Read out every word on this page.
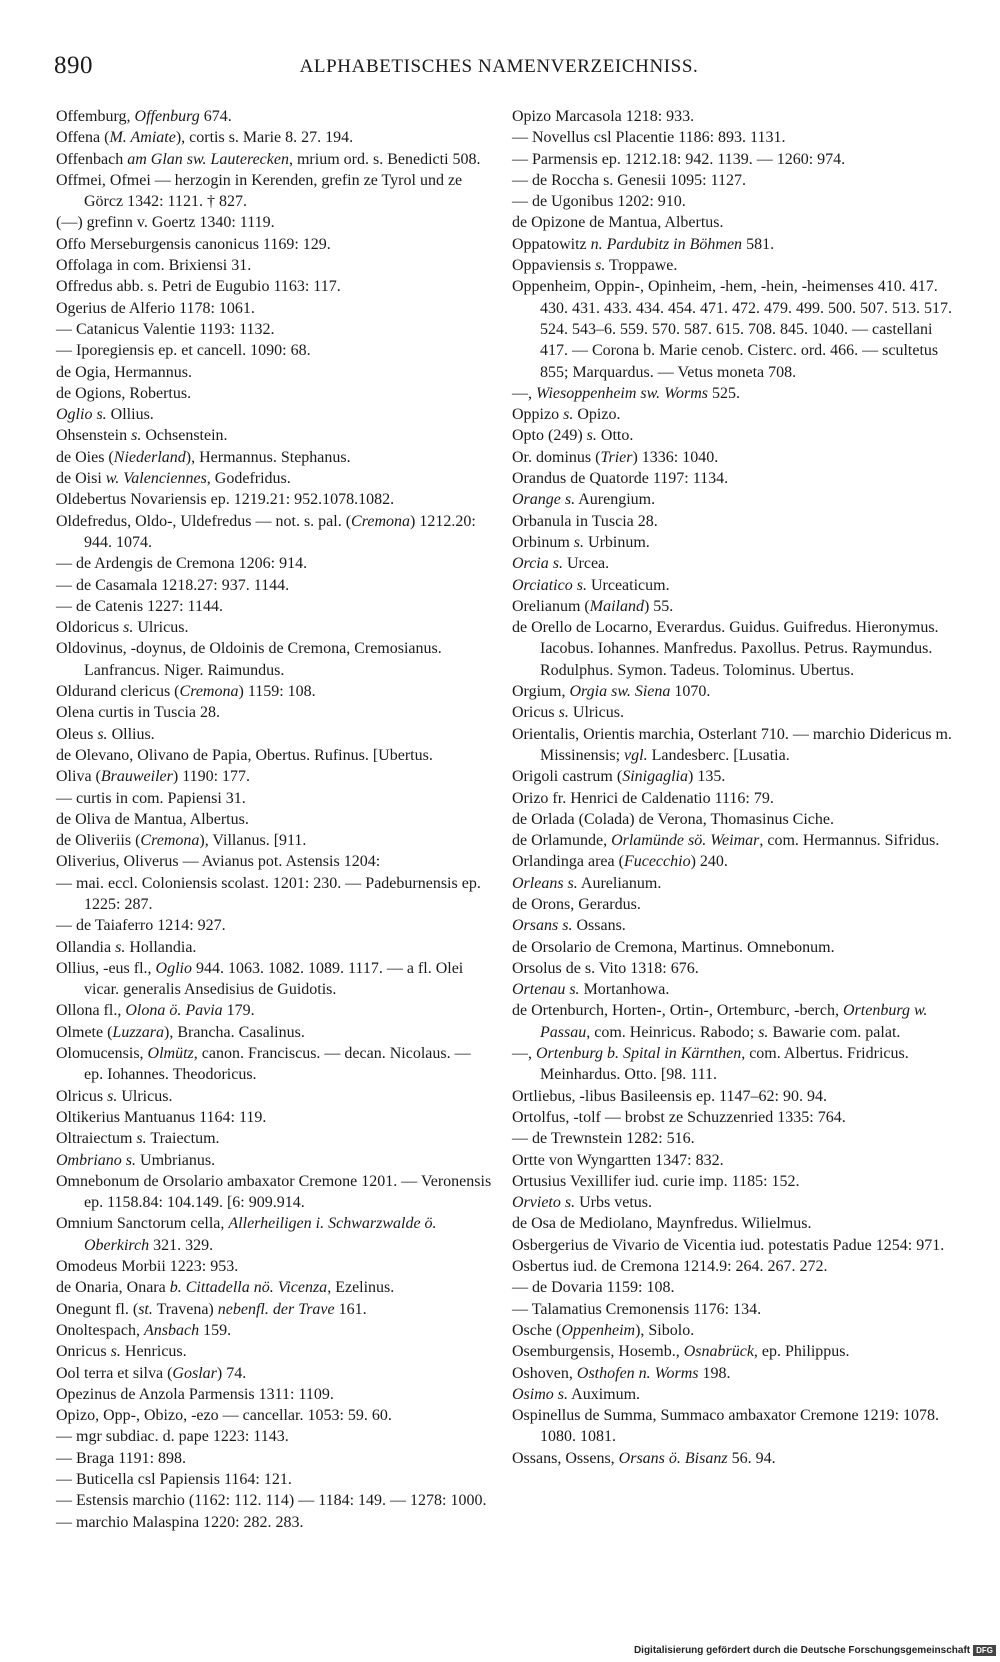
890	ALPHABETISCHES NAMENVERZEICHNISS.

Offemburg, Offenburg 674.

Offena (M. Amiate), cortis s. Marie 8. 27. 194.

Offenbach am Glan sw. Lauterecken, mrium ord. s. Benedicti 508.

Offmei, Ofmei — herzogin in Kerenden, grefin ze Tyrol und ze Görcz 1342: 1121. † 827.

(—) grefinn v. Goertz 1340: 1119.

Offo Merseburgensis canonicus 1169: 129.

Offolaga in com. Brixiensi 31.

Offredus abb. s. Petri de Eugubio 1163: 117.

Ogerius de Alferio 1178: 1061.

— Catanicus Valentie 1193: 1132.

— Iporegiensis ep. et cancell. 1090: 68.

de Ogia, Hermannus.

de Ogions, Robertus.

Oglio s. Ollius.

Ohsenstein s. Ochsenstein.

de Oies (Niederland), Hermannus. Stephanus.

de Oisi w. Valenciennes, Godefridus.

Oldebertus Novariensis ep. 1219.21: 952.1078.1082.

Oldefredus, Oldo-, Uldefredus — not. s. pal. (Cremona) 1212.20: 944. 1074.

— de Ardengis de Cremona 1206: 914.

— de Casamala 1218.27: 937. 1144.

— de Catenis 1227: 1144.

Oldoricus s. Ulricus.

Oldovinus, -doynus, de Oldoinis de Cremona, Cremosianus. Lanfrancus. Niger. Raimundus.

Oldurand clericus (Cremona) 1159: 108.

Olena curtis in Tuscia 28.

Oleus s. Ollius.

de Olevano, Olivano de Papia, Obertus. Rufinus. [Ubertus.

Oliva (Brauweiler) 1190: 177.

— curtis in com. Papiensi 31.

de Oliva de Mantua, Albertus.

de Oliveriis (Cremona), Villanus. [911.

Oliverius, Oliverus — Avianus pot. Astensis 1204:

— mai. eccl. Coloniensis scolast. 1201: 230. — Padeburnensis ep. 1225: 287.

— de Taiaferro 1214: 927.

Ollandia s. Hollandia.

Ollius, -eus fl., Oglio 944. 1063. 1082. 1089. 1117. — a fl. Olei vicar. generalis Ansedisius de Guidotis.

Ollona fl., Olona ö. Pavia 179.

Olmete (Luzzara), Brancha. Casalinus.

Olomucensis, Olmütz, canon. Franciscus. — decan. Nicolaus. — ep. Iohannes. Theodoricus.

Olricus s. Ulricus.

Oltikerius Mantuanus 1164: 119.

Oltraiectum s. Traiectum.

Ombriano s. Umbrianus.

Omnebonum de Orsolario ambaxator Cremone 1201. — Veronensis ep. 1158.84: 104.149. [6: 909.914.

Omnium Sanctorum cella, Allerheiligen i. Schwarzwalde ö. Oberkirch 321. 329.

Omodeus Morbii 1223: 953.

de Onaria, Onara b. Cittadella nö. Vicenza, Ezelinus.

Onegunt fl. (st. Travena) nebenfl. der Trave 161.

Onoltespach, Ansbach 159.

Onricus s. Henricus.

Ool terra et silva (Goslar) 74.

Opezinus de Anzola Parmensis 1311: 1109.

Opizo, Opp-, Obizo, -ezo — cancellar. 1053: 59. 60.

— mgr subdiac. d. pape 1223: 1143.

— Braga 1191: 898.

— Buticella csl Papiensis 1164: 121.

— Estensis marchio (1162: 112. 114) — 1184: 149. — 1278: 1000.

— marchio Malaspina 1220: 282. 283.

Opizo Marcasola 1218: 933.

— Novellus csl Placentie 1186: 893. 1131.

— Parmensis ep. 1212.18: 942. 1139. — 1260: 974.

— de Roccha s. Genesii 1095: 1127.

— de Ugonibus 1202: 910.

de Opizone de Mantua, Albertus.

Oppatowitz n. Pardubitz in Böhmen 581.

Oppaviensis s. Troppawe.

Oppenheim, Oppin-, Opinheim, -hem, -hein, -heimenses 410. 417. 430. 431. 433. 434. 454. 471. 472. 479. 499. 500. 507. 513. 517. 524. 543–6. 559. 570. 587. 615. 708. 845. 1040. — castellani 417. — Corona b. Marie cenob. Cisterc. ord. 466. — scultetus 855; Marquardus. — Vetus moneta 708.

—, Wiesoppenheim sw. Worms 525.

Oppizo s. Opizo.

Opto (249) s. Otto.

Or. dominus (Trier) 1336: 1040.

Orandus de Quatorde 1197: 1134.

Orange s. Aurengium.

Orbanula in Tuscia 28.

Orbinum s. Urbinum.

Orcia s. Urcea.

Orciatico s. Urceaticum.

Orelianum (Mailand) 55.

de Orello de Locarno, Everardus. Guidus. Guifredus. Hieronymus. Iacobus. Iohannes. Manfredus. Paxollus. Petrus. Raymundus. Rodulphus. Symon. Tadeus. Tolominus. Ubertus.

Orgium, Orgia sw. Siena 1070.

Oricus s. Ulricus.

Orientalis, Orientis marchia, Osterlant 710. — marchio Didericus m. Missinensis; vgl. Landesberc. [Lusatia.

Origoli castrum (Sinigaglia) 135.

Orizo fr. Henrici de Caldenatio 1116: 79.

de Orlada (Colada) de Verona, Thomasinus Ciche.

de Orlamunde, Orlamünde sö. Weimar, com. Hermannus. Sifridus.

Orlandinga area (Fucecchio) 240.

Orleans s. Aurelianum.

de Orons, Gerardus.

Orsans s. Ossans.

de Orsolario de Cremona, Martinus. Omnebonum.

Orsolus de s. Vito 1318: 676.

Ortenau s. Mortanhowa.

de Ortenburch, Horten-, Ortin-, Ortemburc, -berch, Ortenburg w. Passau, com. Heinricus. Rabodo; s. Bawarie com. palat.

—, Ortenburg b. Spital in Kärnthen, com. Albertus. Fridricus. Meinhardus. Otto. [98. 111.

Ortliebus, -libus Basileensis ep. 1147–62: 90. 94.

Ortolfus, -tolf — brobst ze Schuzzenried 1335: 764.

— de Trewnstein 1282: 516.

Ortte von Wyngartten 1347: 832.

Ortusius Vexillifer iud. curie imp. 1185: 152.

Orvieto s. Urbs vetus.

de Osa de Mediolano, Maynfredus. Wilielmus.

Osbergerius de Vivario de Vicentia iud. potestatis Padue 1254: 971.

Osbertus iud. de Cremona 1214.9: 264. 267. 272.

— de Dovaria 1159: 108.

— Talamatius Cremonensis 1176: 134.

Osche (Oppenheim), Sibolo.

Osemburgensis, Hosemb., Osnabrück, ep. Philippus.

Oshoven, Osthofen n. Worms 198.

Osimo s. Auximum.

Ospinellus de Summa, Summaco ambaxator Cremone 1219: 1078. 1080. 1081.

Ossans, Ossens, Orsans ö. Bisanz 56. 94.

Digitalisierung gefördert durch die Deutsche Forschungsgemeinschaft DFG
